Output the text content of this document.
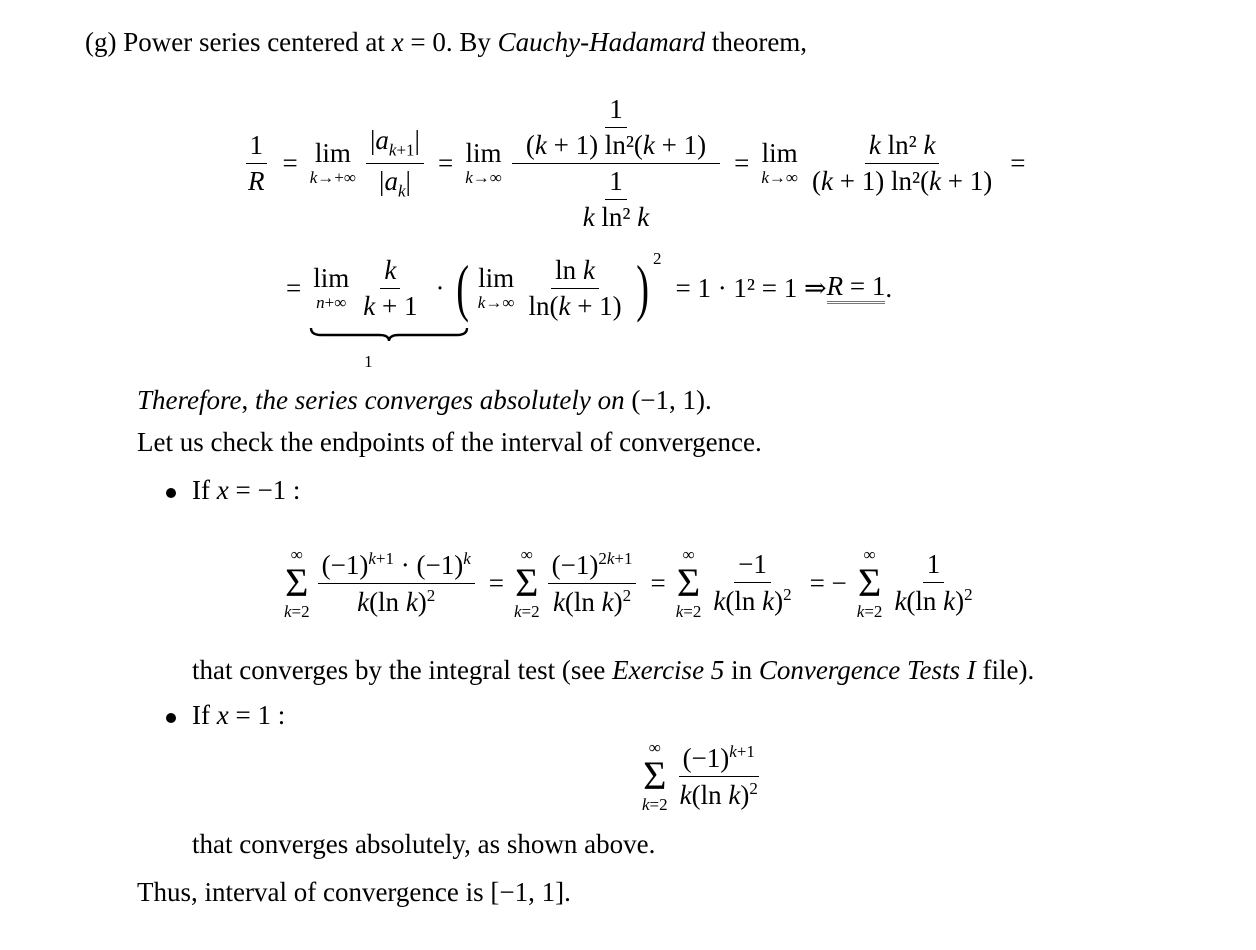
(g) Power series centered at x = 0. By Cauchy-Hadamard theorem,
$\frac{1}{R} = \lim$
$k\to+\infty \frac{|a_{k+1}|}{|a_k|} = \lim$
$k\to\infty \frac{\frac{1}{\text{(k + 1) ln²(k + 1)}}}{\frac{1}{\text{k ln² k}}} = \lim$
$k\to\infty \frac{\text{k ln² k}}{\text{(k + 1) ln²(k + 1)}}$ =
= lim
$n+\infty \frac{k}{k + 1}$
1
· ( lim
$k\to\infty \frac{\text{ln k}}{\ln(k + 1)}$ ) $^2$
= 1 · 1² = 1 ⇒ R = 1 .
Therefore, the series converges absolutely on (−1, 1).
Let us check the endpoints of the interval of convergence.
If x = −1 :
∞
Σ
$k=2 \frac{(-1)^{k+1} \cdot (-1)^k}{k(\ln k)^2}$ =
∞
Σ
$k=2 \frac{(-1)^{2k+1}}{k(\ln k)^2}$ =
∞
Σ
$k=2 \frac{-1}{k(\ln k)^2}$ = −
∞
Σ
$k=2 \frac{1}{k(\ln k)^2}$
that converges by the integral test (see Exercise 5 in Convergence Tests I file).
If x = 1 :
∞
Σ
$k=2 \frac{(-1)^{k+1}}{k(\ln k)^2}$
that converges absolutely, as shown above.
Thus, interval of convergence is [−1, 1].
